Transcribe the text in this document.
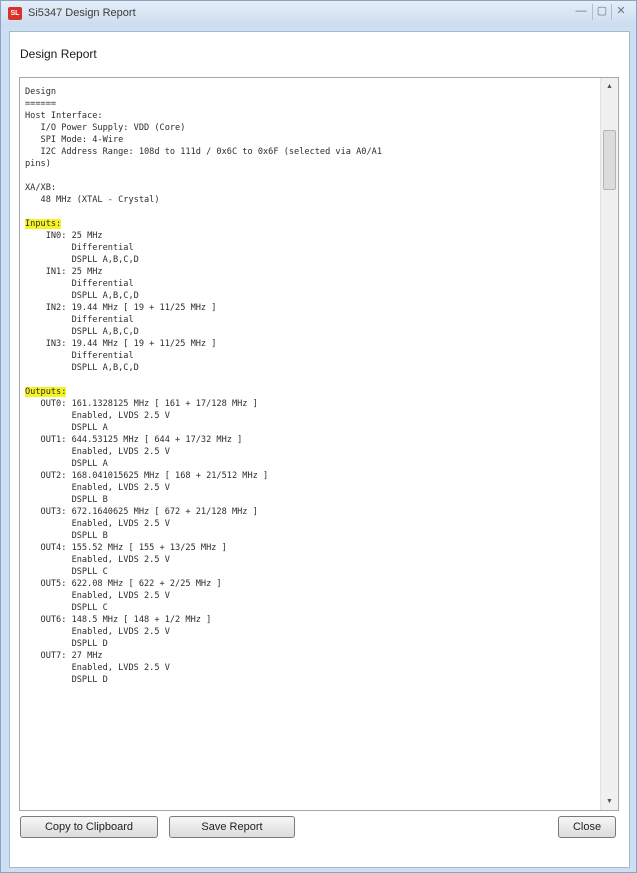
SL Si5347 Design Report	— ▢ ✕
Design Report
Design
======
Host Interface:
I/O Power Supply: VDD (Core)
SPI Mode: 4-Wire
I2C Address Range: 108d to 111d / 0x6C to 0x6F (selected via A0/A1
pins)

XA/XB:
48 MHz (XTAL - Crystal)

Inputs:
IN0: 25 MHz
Differential
DSPLL A,B,C,D
IN1: 25 MHz
Differential
DSPLL A,B,C,D
IN2: 19.44 MHz [ 19 + 11/25 MHz ]
Differential
DSPLL A,B,C,D
IN3: 19.44 MHz [ 19 + 11/25 MHz ]
Differential
DSPLL A,B,C,D

Outputs:
OUT0: 161.1328125 MHz [ 161 + 17/128 MHz ]
Enabled, LVDS 2.5 V
DSPLL A
OUT1: 644.53125 MHz [ 644 + 17/32 MHz ]
Enabled, LVDS 2.5 V
DSPLL A
OUT2: 168.041015625 MHz [ 168 + 21/512 MHz ]
Enabled, LVDS 2.5 V
DSPLL B
OUT3: 672.1640625 MHz [ 672 + 21/128 MHz ]
Enabled, LVDS 2.5 V
DSPLL B
OUT4: 155.52 MHz [ 155 + 13/25 MHz ]
Enabled, LVDS 2.5 V
DSPLL C
OUT5: 622.08 MHz [ 622 + 2/25 MHz ]
Enabled, LVDS 2.5 V
DSPLL C
OUT6: 148.5 MHz [ 148 + 1/2 MHz ]
Enabled, LVDS 2.5 V
DSPLL D
OUT7: 27 MHz
Enabled, LVDS 2.5 V
DSPLL D
▲
▼
Copy to Clipboard	Save Report	Close
